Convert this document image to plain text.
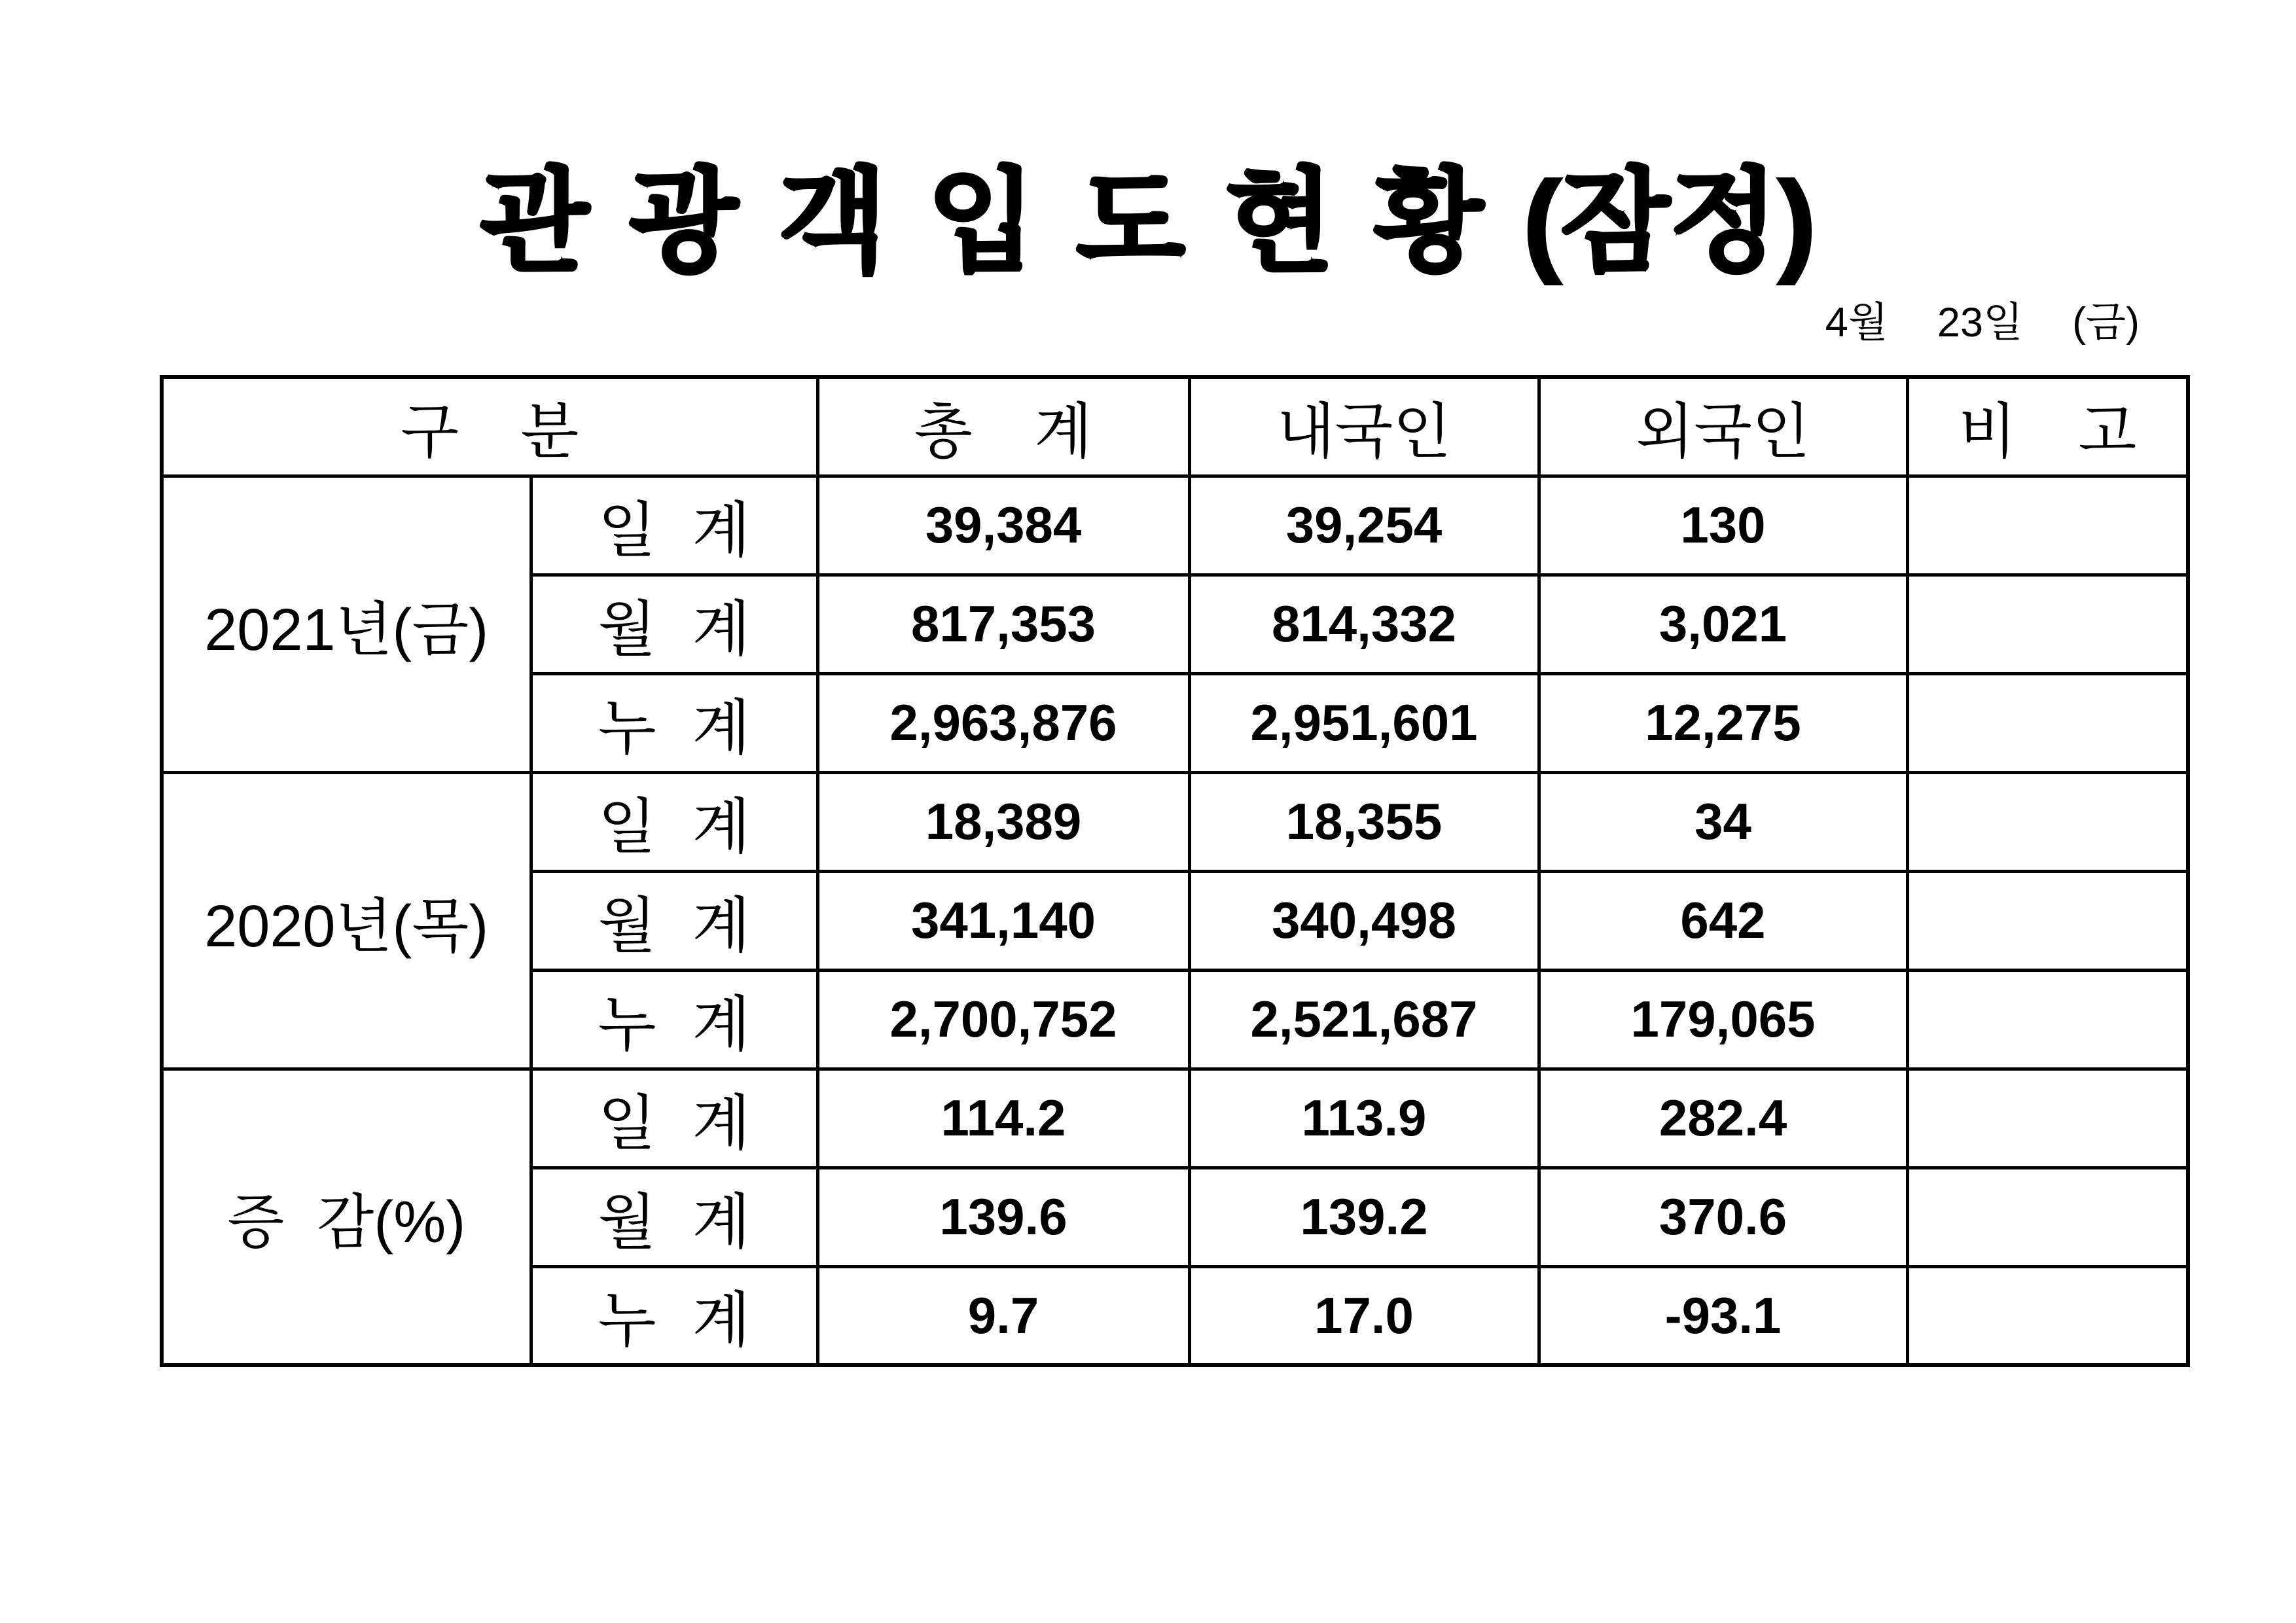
관 광 객 입 도 현 황 (잠정)
4월  23일  (금)
구 분		총 계	내국인	외국인	비 고
2021년(금)	일 계	39,384	39,254	130	
	월 계	817,353	814,332	3,021	
	누 계	2,963,876	2,951,601	12,275	
2020년(목)	일 계	18,389	18,355	34	
	월 계	341,140	340,498	642	
	누 계	2,700,752	2,521,687	179,065	
증 감(%)	일 계	114.2	113.9	282.4	
	월 계	139.6	139.2	370.6	
	누 계	9.7	17.0	-93.1	
